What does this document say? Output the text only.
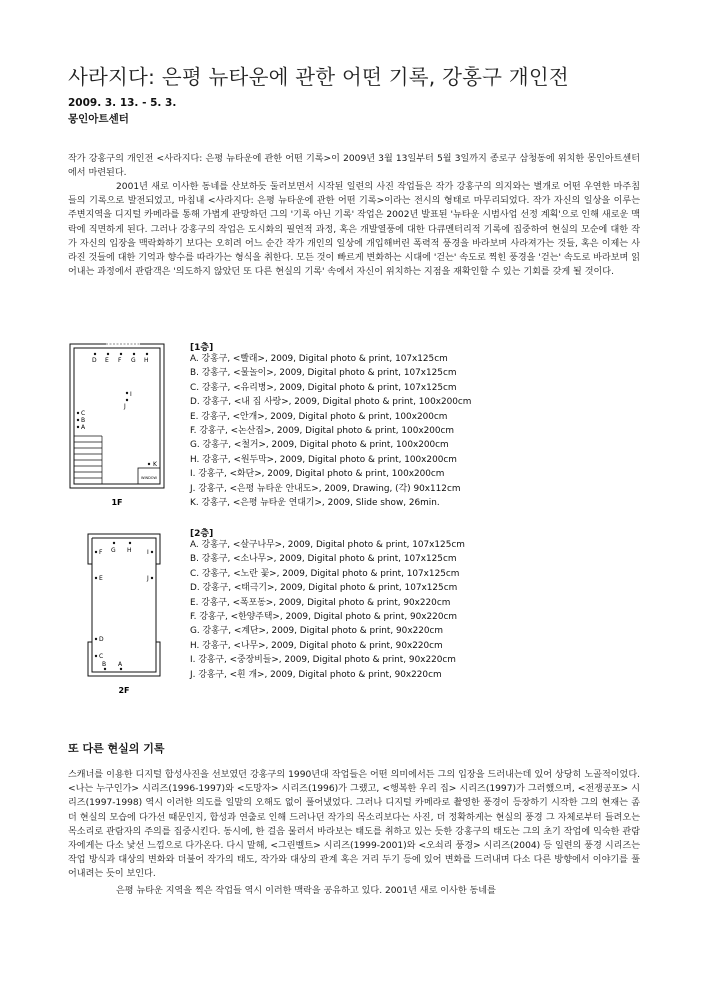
사라지다: 은평 뉴타운에 관한 어떤 기록, 강홍구 개인전
2009. 3. 13. - 5. 3.
몽인아트센터

작가 강홍구의 개인전 <사라지다: 은평 뉴타운에 관한 어떤 기록>이 2009년 3월 13일부터 5월 3일까지 종로구 삼청동에 위치한 몽인아트센터에서 마련된다.

2001년 새로 이사한 동네를 산보하듯 둘러보면서 시작된 일련의 사진 작업들은 작가 강홍구의 의지와는 별개로 어떤 우연한 마주침들의 기록으로 발전되었고, 마침내 <사라지다: 은평 뉴타운에 관한 어떤 기록>이라는 전시의 형태로 마무리되었다. 작가 자신의 일상을 이루는 주변지역을 디지털 카메라를 통해 가볍게 관망하던 그의 '기록 아닌 기록' 작업은 2002년 발표된 '뉴타운 시범사업 선정 계획'으로 인해 새로운 맥락에 직면하게 된다. 그러나 강홍구의 작업은 도시화의 필연적 과정, 혹은 개발열풍에 대한 다큐멘터리적 기록에 집중하여 현실의 모순에 대한 작가 자신의 입장을 맥락화하기 보다는 오히려 어느 순간 작가 개인의 일상에 개입해버린 폭력적 풍경을 바라보며 사라져가는 것들, 혹은 이제는 사라진 것들에 대한 기억과 향수를 따라가는 형식을 취한다. 모든 것이 빠르게 변화하는 시대에 '걷는' 속도로 찍힌 풍경을 '걷는' 속도로 바라보며 읽어내는 과정에서 관람객은 '의도하지 않았던 또 다른 현실의 기록' 속에서 자신이 위치하는 지점을 재확인할 수 있는 기회를 갖게 될 것이다.

WINDOW
D E F G H
I
J
C
B
A
K
1F
[1층]
A. 강홍구, <빨래>, 2009, Digital photo & print, 107x125cm
B. 강홍구, <물놀이>, 2009, Digital photo & print, 107x125cm
C. 강홍구, <유리병>, 2009, Digital photo & print, 107x125cm
D. 강홍구, <내 집 사랑>, 2009, Digital photo & print, 100x200cm
E. 강홍구, <안개>, 2009, Digital photo & print, 100x200cm
F. 강홍구, <논산집>, 2009, Digital photo & print, 100x200cm
G. 강홍구, <철거>, 2009, Digital photo & print, 100x200cm
H. 강홍구, <원두막>, 2009, Digital photo & print, 100x200cm
I. 강홍구, <화단>, 2009, Digital photo & print, 100x200cm
J. 강홍구, <은평 뉴타운 안내도>, 2009, Drawing, (각) 90x112cm
K. 강홍구, <은평 뉴타운 연대기>, 2009, Slide show, 26min.
G H
F	I
E	J
D
C
B A
2F
[2층]
A. 강홍구, <살구나무>, 2009, Digital photo & print, 107x125cm
B. 강홍구, <소나무>, 2009, Digital photo & print, 107x125cm
C. 강홍구, <노란 꽃>, 2009, Digital photo & print, 107x125cm
D. 강홍구, <태극기>, 2009, Digital photo & print, 107x125cm
E. 강홍구, <폭포동>, 2009, Digital photo & print, 90x220cm
F. 강홍구, <한양주택>, 2009, Digital photo & print, 90x220cm
G. 강홍구, <계단>, 2009, Digital photo & print, 90x220cm
H. 강홍구, <나무>, 2009, Digital photo & print, 90x220cm
I. 강홍구, <중장비들>, 2009, Digital photo & print, 90x220cm
J. 강홍구, <흰 개>, 2009, Digital photo & print, 90x220cm
또 다른 현실의 기록

스캐너를 이용한 디지털 합성사진을 선보였던 강홍구의 1990년대 작업들은 어떤 의미에서든 그의 입장을 드러내는데 있어 상당히 노골적이었다. <나는 누구인가> 시리즈(1996-1997)와 <도망자> 시리즈(1996)가 그랬고, <행복한 우리 집> 시리즈(1997)가 그러했으며, <전쟁공포> 시리즈(1997-1998) 역시 이러한 의도를 일말의 오해도 없이 풀어냈었다. 그러나 디지털 카메라로 촬영한 풍경이 등장하기 시작한 그의 현재는 좀 더 현실의 모습에 다가선 때문인지, 합성과 연출로 인해 드러나던 작가의 목소리보다는 사진, 더 정확하게는 현실의 풍경 그 자체로부터 들려오는 목소리로 관람자의 주의를 집중시킨다. 동시에, 한 걸음 물러서 바라보는 태도를 취하고 있는 듯한 강홍구의 태도는 그의 초기 작업에 익숙한 관람자에게는 다소 낯선 느낌으로 다가온다. 다시 말해, <그린벨트> 시리즈(1999-2001)와 <오쇠리 풍경> 시리즈(2004) 등 일련의 풍경 시리즈는 작업 방식과 대상의 변화와 더불어 작가의 태도, 작가와 대상의 관계 혹은 거리 두기 등에 있어 변화를 드러내며 다소 다른 방향에서 이야기를 풀어내려는 듯이 보인다.

은평 뉴타운 지역을 찍은 작업들 역시 이러한 맥락을 공유하고 있다. 2001년 새로 이사한 동네를
